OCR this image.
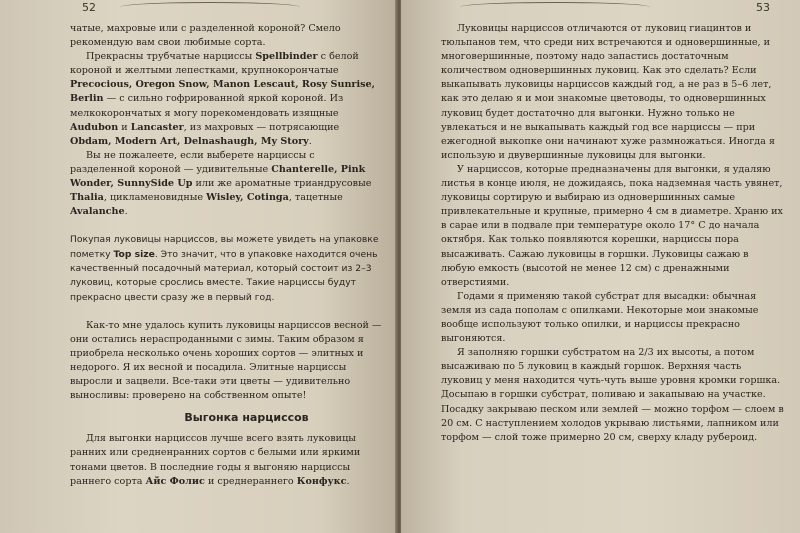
чатые, махровые или с разделенной короной? Смело рекомендую вам свои любимые сорта.

Прекрасны трубчатые нарциссы Spellbinder с белой короной и желтыми лепестками, крупнокорончатые Precocious, Oregon Snow, Manon Lescaut, Rosy Sunrise, Berlin — с сильно гофрированной яркой короной. Из мелкокорончатых я могу порекомендовать изящные Audubon и Lancaster, из махровых — потрясающие Obdam, Modern Art, Delnashaugh, My Story.

Вы не пожалеете, если выберете нарциссы с разделенной короной — удивительные Chanterelle, Pink Wonder, SunnySide Up или же ароматные триандрусовые Thalia, цикламеновидные Wisley, Cotinga, тацетные Avalanche.

Покупая луковицы нарциссов, вы можете увидеть на упаковке пометку Top size. Это значит, что в упаковке находится очень качественный посадочный материал, который состоит из 2–3 луковиц, которые срослись вместе. Такие нарциссы будут прекрасно цвести сразу же в первый год.

Как-то мне удалось купить луковицы нарциссов весной — они остались нераспроданными с зимы. Таким образом я приобрела несколько очень хороших сортов — элитных и недорого. Я их весной и посадила. Элитные нарциссы выросли и зацвели. Все-таки эти цветы — удивительно выносливы: проверено на собственном опыте!

Выгонка нарциссов

Для выгонки нарциссов лучше всего взять луковицы ранних или средненранних сортов с белыми или яркими тонами цветов. В последние годы я выгоняю нарциссы раннего сорта Айс Фолис и среднераннего Конфукс.

Луковицы нарциссов отличаются от луковиц гиацинтов и тюльпанов тем, что среди них встречаются и одновершинные, и многовершинные, поэтому надо запастись достаточным количеством одновершинных луковиц. Как это сделать? Если выкапывать луковицы нарциссов каждый год, а не раз в 5–6 лет, как это делаю я и мои знакомые цветоводы, то одновершинных луковиц будет достаточно для выгонки. Нужно только не увлекаться и не выкапывать каждый год все нарциссы — при ежегодной выкопке они начинают хуже размножаться. Иногда я использую и двувершинные луковицы для выгонки.

У нарциссов, которые предназначены для выгонки, я удаляю листья в конце июля, не дожидаясь, пока надземная часть увянет, луковицы сортирую и выбираю из одновершинных самые привлекательные и крупные, примерно 4 см в диаметре. Храню их в сарае или в подвале при температуре около 17° С до начала октября. Как только появляются корешки, нарциссы пора высаживать. Сажаю луковицы в горшки. Луковицы сажаю в любую емкость (высотой не менее 12 см) с дренажными отверстиями.

Годами я применяю такой субстрат для высадки: обычная земля из сада пополам с опилками. Некоторые мои знакомые вообще используют только опилки, и нарциссы прекрасно выгоняются.

Я заполняю горшки субстратом на 2/3 их высоты, а потом высаживаю по 5 луковиц в каждый горшок. Верхняя часть луковиц у меня находится чуть-чуть выше уровня кромки горшка. Досыпаю в горшки субстрат, поливаю и закапываю на участке. Посадку закрываю песком или землей — можно торфом — слоем в 20 см. С наступлением холодов укрываю листьями, лапником или торфом — слой тоже примерно 20 см, сверху кладу рубероид.

52	53
